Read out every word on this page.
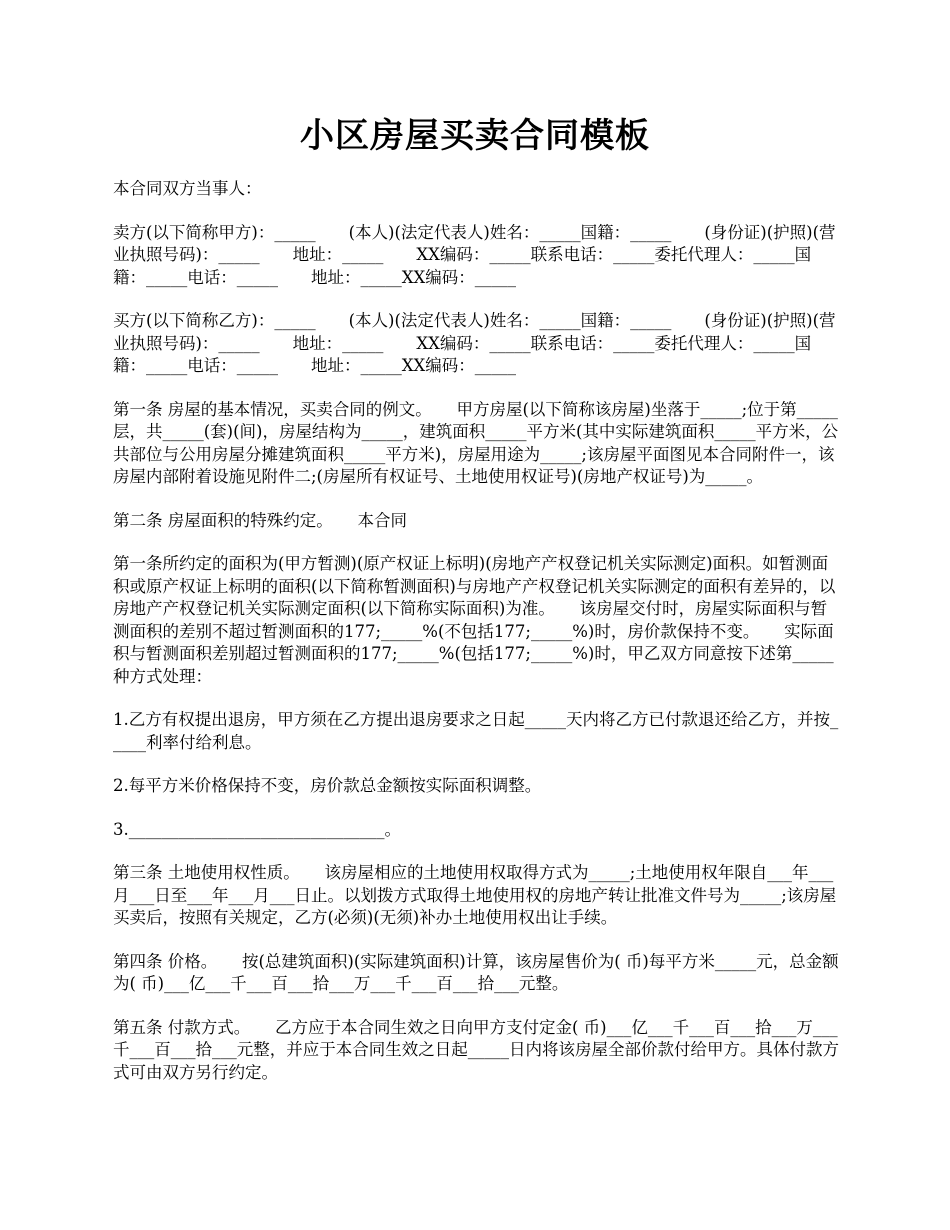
小区房屋买卖合同模板

本合同双方当事人：

卖方(以下简称甲方)：_____　　(本人)(法定代表人)姓名：_____国籍：_____　　(身份证)(护照)(营业执照号码)：_____　　地址：_____　　XX编码：_____联系电话：_____委托代理人：_____国籍：_____电话：_____　　地址：_____XX编码：_____

买方(以下简称乙方)：_____　　(本人)(法定代表人)姓名：_____国籍：_____　　(身份证)(护照)(营业执照号码)：_____　　地址：_____　　XX编码：_____联系电话：_____委托代理人：_____国籍：_____电话：_____　　地址：_____XX编码：_____

第一条 房屋的基本情况，买卖合同的例文。　　甲方房屋(以下简称该房屋)坐落于_____;位于第_____层，共_____(套)(间)，房屋结构为_____，建筑面积_____平方米(其中实际建筑面积_____平方米，公共部位与公用房屋分摊建筑面积_____平方米)，房屋用途为_____;该房屋平面图见本合同附件一，该房屋内部附着设施见附件二;(房屋所有权证号、土地使用权证号)(房地产权证号)为_____。

第二条 房屋面积的特殊约定。　　本合同

第一条所约定的面积为(甲方暂测)(原产权证上标明)(房地产产权登记机关实际测定)面积。如暂测面积或原产权证上标明的面积(以下简称暂测面积)与房地产产权登记机关实际测定的面积有差异的，以房地产产权登记机关实际测定面积(以下简称实际面积)为准。　　该房屋交付时，房屋实际面积与暂测面积的差别不超过暂测面积的177;_____%(不包括177;_____%)时，房价款保持不变。　　实际面积与暂测面积差别超过暂测面积的177;_____%(包括177;_____%)时，甲乙双方同意按下述第_____种方式处理：

1.乙方有权提出退房，甲方须在乙方提出退房要求之日起_____天内将乙方已付款退还给乙方，并按_____利率付给利息。

2.每平方米价格保持不变，房价款总金额按实际面积调整。

3._______________________________。

第三条 土地使用权性质。　　该房屋相应的土地使用权取得方式为_____;土地使用权年限自___年___月___日至___年___月___日止。以划拨方式取得土地使用权的房地产转让批准文件号为_____;该房屋买卖后，按照有关规定，乙方(必须)(无须)补办土地使用权出让手续。

第四条 价格。　　按(总建筑面积)(实际建筑面积)计算，该房屋售价为( 币)每平方米_____元，总金额为( 币)___亿___千___百___拾___万___千___百___拾___元整。

第五条 付款方式。　　乙方应于本合同生效之日向甲方支付定金( 币)___亿___千___百___拾___万___千___百___拾___元整，并应于本合同生效之日起_____日内将该房屋全部价款付给甲方。具体付款方式可由双方另行约定。
